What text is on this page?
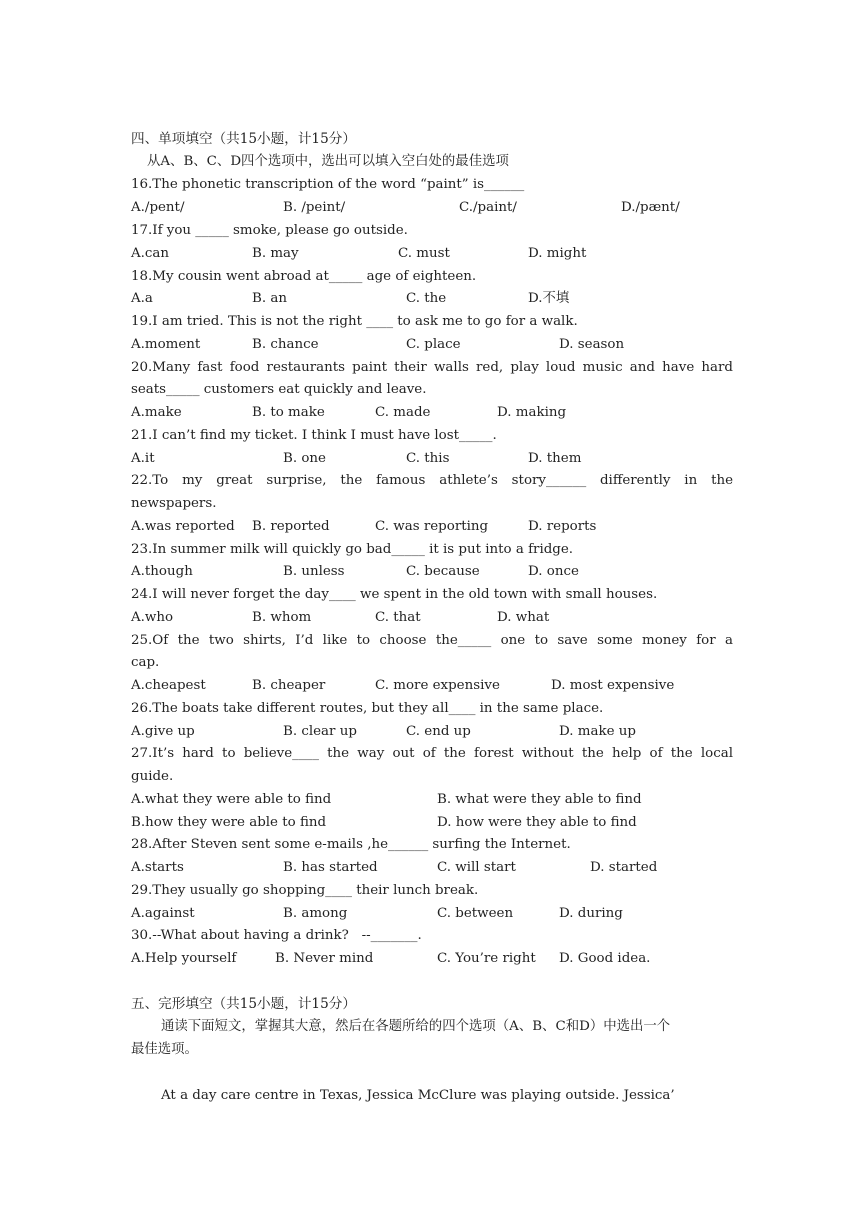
四、单项填空（共15小题，计15分）
从A、B、C、D四个选项中，选出可以填入空白处的最佳选项
16.The phonetic transcription of the word “paint” is______
A./pent/	B. /peint/	C./paint/	D./pænt/
17.If you _____ smoke, please go outside.
A.can	B. may	C. must	D. might
18.My cousin went abroad at_____ age of eighteen.
A.a	B. an	C. the	D.不填
19.I am tried. This is not the right ____ to ask me to go for a walk.
A.moment	B. chance	C. place	D. season
20.Many fast food restaurants paint their walls red, play loud music and have hard
seats_____ customers eat quickly and leave.
A.make	B. to make	C. made	D. making
21.I can’t find my ticket. I think I must have lost_____.
A.it	B. one	C. this	D. them
22.To my great surprise, the famous athlete’s story______ differently in the
newspapers.
A.was reported B. reported	C. was reporting	D. reports
23.In summer milk will quickly go bad_____ it is put into a fridge.
A.though	B. unless	C. because	D. once
24.I will never forget the day____ we spent in the old town with small houses.
A.who	B. whom	C. that	D. what
25.Of the two shirts, I’d like to choose the_____ one to save some money for a
cap.
A.cheapest	B. cheaper	C. more expensive	D. most expensive
26.The boats take different routes, but they all____ in the same place.
A.give up	B. clear up	C. end up	D. make up
27.It’s hard to believe____ the way out of the forest without the help of the local
guide.
A.what they were able to find	B. what were they able to find
B.how they were able to find	D. how were they able to find
28.After Steven sent some e-mails ,he______ surfing the Internet.
A.starts	B. has started	C. will start	D. started
29.They usually go shopping____ their lunch break.
A.against	B. among	C. between	D. during
30.--What about having a drink?   --_______.
A.Help yourself	B. Never mind	C. You’re right D. Good idea.
五、完形填空（共15小题，计15分）
通读下面短文，掌握其大意，然后在各题所给的四个选项（A、B、C和D）中选出一个
最佳选项。
At a day care centre in Texas, Jessica McClure was playing outside. Jessica’
